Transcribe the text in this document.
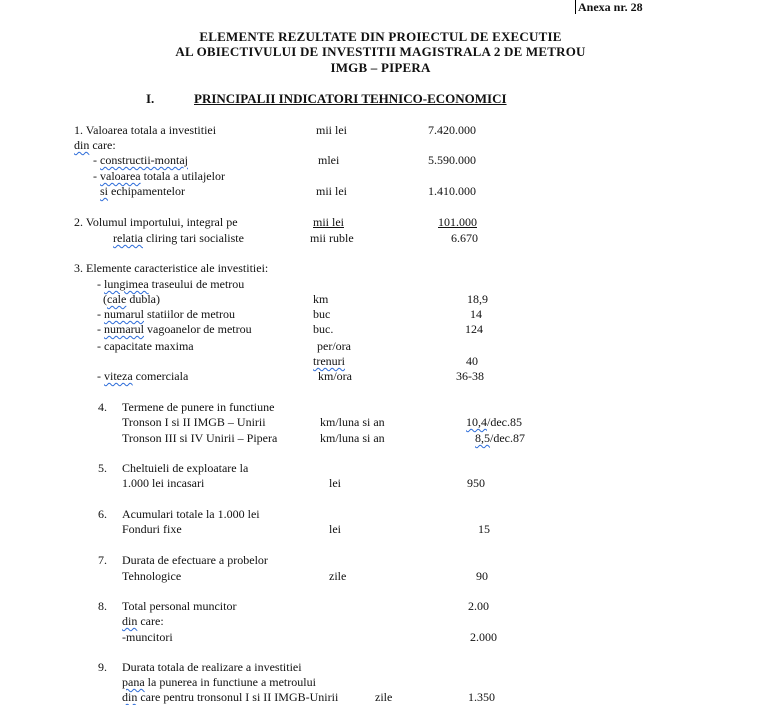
Anexa nr. 28
ELEMENTE REZULTATE DIN PROIECTUL DE EXECUTIE
AL OBIECTIVULUI DE INVESTITII MAGISTRALA 2 DE METROU
IMGB – PIPERA
I.	PRINCIPALII INDICATORI TEHNICO-ECONOMICI
1. Valoarea totala a investitiei	mii lei	7.420.000
din care:
- constructii-montaj	mlei	5.590.000
- valoarea totala a utilajelor
si echipamentelor	mii lei	1.410.000
2. Volumul importului, integral pe	mii lei	101.000
relatia cliring tari socialiste	mii ruble	6.670
3. Elemente caracteristice ale investitiei:
- lungimea traseului de metrou
(cale dubla)	km	18,9
- numarul statiilor de metrou	buc	14
- numarul vagoanelor de metrou	buc.	124
- capacitate maxima	per/ora
trenuri	40
- viteza comerciala	km/ora	36-38
4. Termene de punere in functiune
Tronson I si II IMGB – Unirii	km/luna si an	10,4/dec.85
Tronson III si IV Unirii – Pipera	km/luna si an	8,5/dec.87
5. Cheltuieli de exploatare la
1.000 lei incasari	lei	950
6. Acumulari totale la 1.000 lei
Fonduri fixe	lei	15
7. Durata de efectuare a probelor
Tehnologice	zile	90
8. Total personal muncitor	2.00
din care:
-muncitori	2.000
9. Durata totala de realizare a investitiei
pana la punerea in functiune a metroului
din care pentru tronsonul I si II IMGB-Unirii	zile	1.350
